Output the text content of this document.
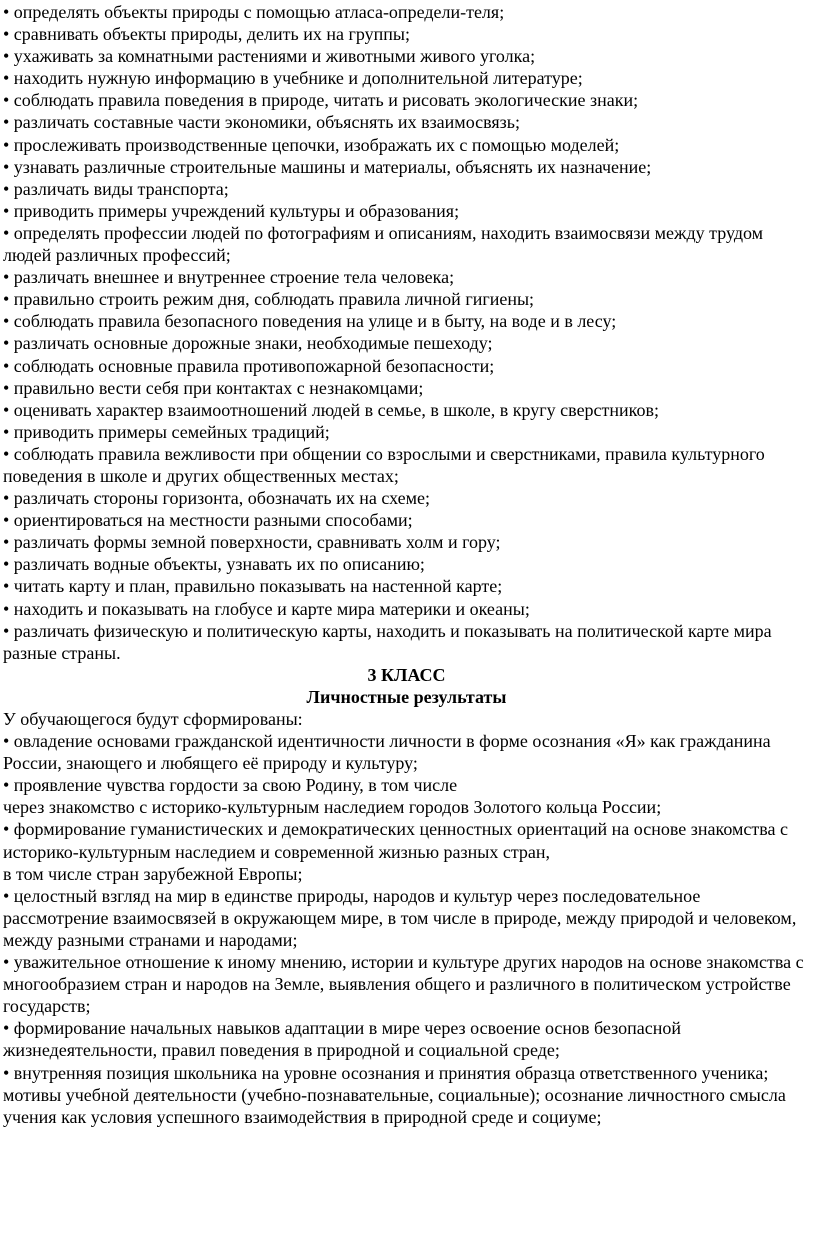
• определять объекты природы с помощью атласа-определи-теля;

• сравнивать объекты природы, делить их на группы;

• ухаживать за комнатными растениями и животными живого уголка;

• находить нужную информацию в учебнике и дополнительной литературе;

• соблюдать правила поведения в природе, читать и рисовать экологические знаки;

• различать составные части экономики, объяснять их взаимосвязь;

• прослеживать производственные цепочки, изображать их с помощью моделей;

• узнавать различные строительные машины и материалы, объяснять их назначение;

• различать виды транспорта;

• приводить примеры учреждений культуры и образования;

• определять профессии людей по фотографиям и описаниям, находить взаимосвязи между трудом людей различных профессий;

• различать внешнее и внутреннее строение тела человека;

• правильно строить режим дня, соблюдать правила личной гигиены;

• соблюдать правила безопасного поведения на улице и в быту, на воде и в лесу;

• различать основные дорожные знаки, необходимые пешеходу;

• соблюдать основные правила противопожарной безопасности;

• правильно вести себя при контактах с незнакомцами;

• оценивать характер взаимоотношений людей в семье, в школе, в кругу сверстников;

• приводить примеры семейных традиций;

• соблюдать правила вежливости при общении со взрослыми и сверстниками, правила культурного поведения в школе и других общественных местах;

• различать стороны горизонта, обозначать их на схеме;

• ориентироваться на местности разными способами;

• различать формы земной поверхности, сравнивать холм и гору;

• различать водные объекты, узнавать их по описанию;

• читать карту и план, правильно показывать на настенной карте;

• находить и показывать на глобусе и карте мира материки и океаны;

• различать физическую и политическую карты, находить и показывать на политической карте мира разные страны.

3 КЛАСС

Личностные результаты

У обучающегося будут сформированы:

• овладение основами гражданской идентичности личности в форме осознания «Я» как гражданина России, знающего и любящего её природу и культуру;

• проявление чувства гордости за свою Родину, в том числе

через знакомство с историко-культурным наследием городов Золотого кольца России;

• формирование гуманистических и демократических ценностных ориентаций на основе знакомства с историко-культурным наследием и современной жизнью разных стран,

в том числе стран зарубежной Европы;

• целостный взгляд на мир в единстве природы, народов и культур через последовательное рассмотрение взаимосвязей в окружающем мире, в том числе в природе, между природой и человеком, между разными странами и народами;

• уважительное отношение к иному мнению, истории и культуре других народов на основе знакомства с многообразием стран и народов на Земле, выявления общего и различного в политическом устройстве государств;

• формирование начальных навыков адаптации в мире через освоение основ безопасной жизнедеятельности, правил поведения в природной и социальной среде;

• внутренняя позиция школьника на уровне осознания и принятия образца ответственного ученика; мотивы учебной деятельности (учебно-познавательные, социальные); осознание личностного смысла учения как условия успешного взаимодействия в природной среде и социуме;
